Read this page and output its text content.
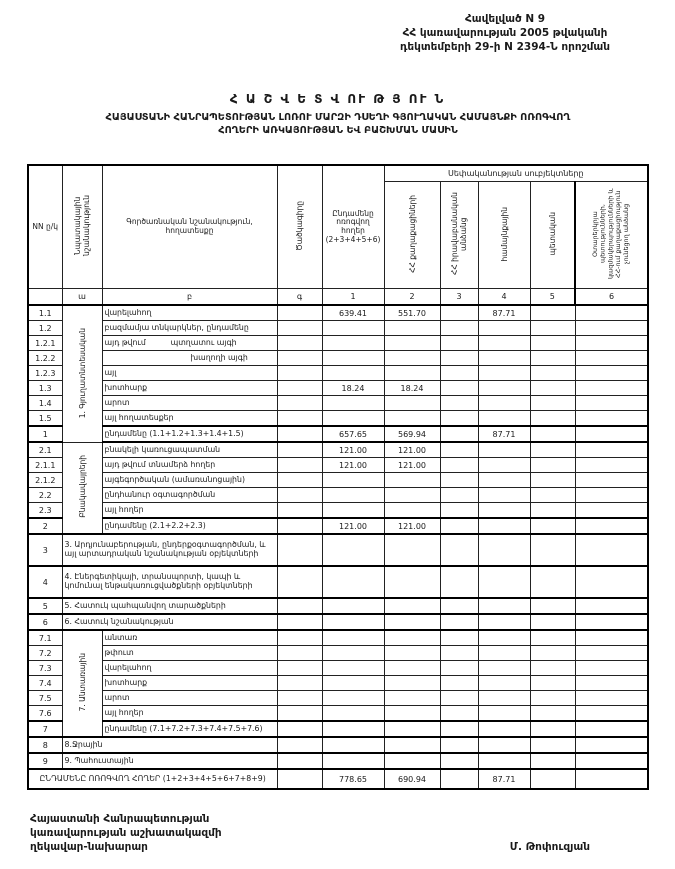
Հավելված N 9
ՀՀ կառավարության 2005 թվականի
դեկտեմբերի 29-ի N 2394-Ն որոշման
Հ Ա Շ Վ Ե Տ Վ ՈՒ Թ Յ ՈՒ Ն
ՀԱՅԱՍՏԱՆԻ ՀԱՆՐԱՊԵՏՈՒԹՅԱՆ ԼՈՌՈՒ ՄԱՐԶԻ ԴՍԵՂԻ ԳՅՈՒՂԱԿԱՆ ՀԱՄԱՅՆՔԻ ՈՌՈԳՎՈՂ
ՀՈՂԵՐԻ ԱՌԿԱՅՈՒԹՅԱՆ ԵՎ ԲԱՇԽՄԱՆ ՄԱՍԻՆ
NN ը/կ	Նպատակային նշանակություն	Գործառնական նշանակություն, հողատեսքը	Ծածկագիրը	Ընդամենը ոռոգվող հողեր (2+3+4+5+6)	Սեփականության սուբյեկտները				
					ՀՀ քաղաքացիների	ՀՀ իրավաբանական անձանց	համայնքային	պետական	Օտարերկրյա պետությունների, կազմակերպությունների և ՀՀ-ում քաղաքացիություն չունեցող անձանց
	ա	բ	գ	1	2	3	4	5	6
1.1	1. Գյուղատնտեսական	վարելահող		639.41	551.70		87.71		
1.2		բազմամյա տնկարկներ, ընդամենը							
1.2.1		այդ թվում          պտղատու այգի							
1.2.2		խաղողի այգի							
1.2.3		այլ							
1.3		խոտհարք		18.24	18.24				
1.4		արոտ							
1.5		այլ հողատեսքեր							
1		ընդամենը (1.1+1.2+1.3+1.4+1.5)		657.65	569.94		87.71		
2.1	Բնակավայրերի	բնակելի կառուցապատման		121.00	121.00				
2.1.1		այդ թվում տնամերձ հողեր		121.00	121.00				
2.1.2		այգեգործական (ամառանոցային)							
2.2		ընդհանուր օգտագործման							
2.3		այլ հողեր							
2		ընդամենը (2.1+2.2+2.3)		121.00	121.00				
3	3. Արդյունաբերության, ընդերքօգտագործման, և այլ արտադրական նշանակության օբյեկտների								
4	4. Էներգետիկայի, տրանսպորտի, կապի և կոմունալ ենթակառուցվածքների օբյեկտների								
5	5. Հատուկ պահպանվող տարածքների								
6	6. Հատուկ նշանակության								
7.1	7. Անտառային	անտառ							
7.2		թփուտ							
7.3		վարելահող							
7.4		խոտհարք							
7.5		արոտ							
7.6		այլ հողեր							
7		ընդամենը (7.1+7.2+7.3+7.4+7.5+7.6)							
8	8.Ջրային								
9	9. Պահուստային								
ԸՆԴԱՄԵՆԸ ՈՌՈԳՎՈՂ ՀՈՂԵՐ (1+2+3+4+5+6+7+8+9)				778.65	690.94		87.71		
Հայաստանի Հանրապետության
կառավարության աշխատակազմի
ղեկավար-նախարար	Մ. Թոփուզյան
